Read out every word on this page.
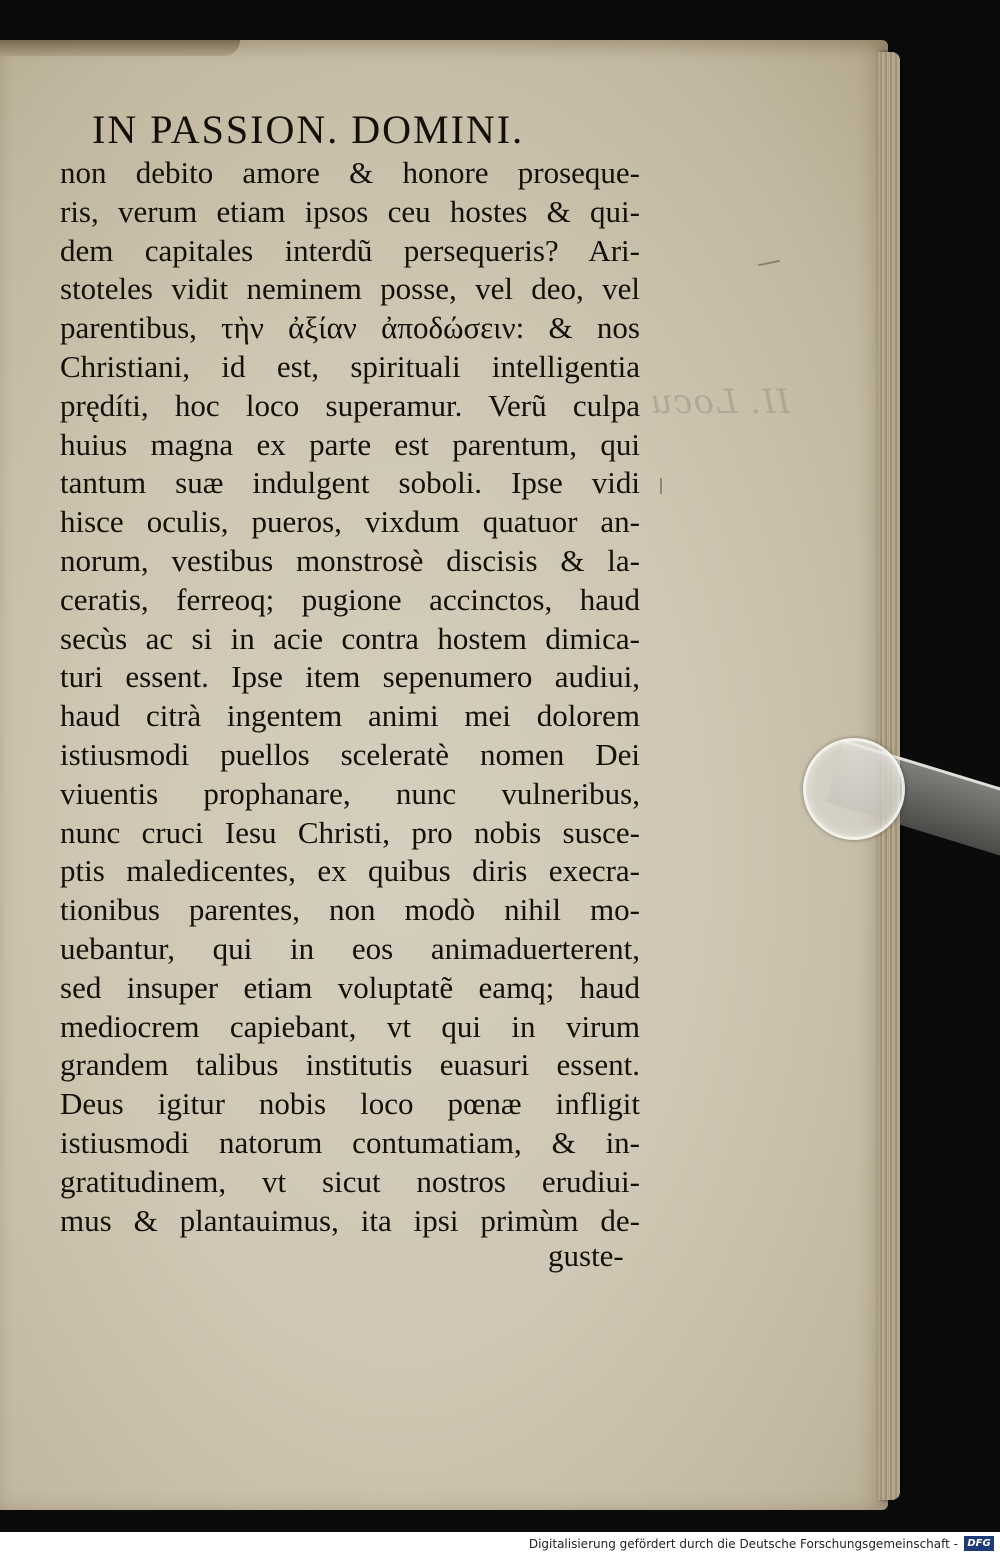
II. Locu
IN PASSION. DOMINI.
non debito amore & honore proseque-
ris, verum etiam ipsos ceu hostes & qui-
dem capitales interdũ persequeris? Ari-
stoteles vidit neminem posse, vel deo, vel
parentibus, τὴν ἀξίαν ἀποδώσειν: & nos
Christiani, id est, spirituali intelligentia
prędíti, hoc loco superamur. Verũ culpa
huius magna ex parte est parentum, qui
tantum suæ indulgent soboli. Ipse vidi
hisce oculis, pueros, vixdum quatuor an-
norum, vestibus monstrosè discisis & la-
ceratis, ferreoq; pugione accinctos, haud
secùs ac si in acie contra hostem dimica-
turi essent. Ipse item sepenumero audiui,
haud citrà ingentem animi mei dolorem
istiusmodi puellos sceleratè nomen Dei
viuentis prophanare, nunc vulneribus,
nunc cruci Iesu Christi, pro nobis susce-
ptis maledicentes, ex quibus diris execra-
tionibus parentes, non modò nihil mo-
uebantur, qui in eos animaduerterent,
sed insuper etiam voluptatẽ eamq; haud
mediocrem capiebant, vt qui in virum
grandem talibus institutis euasuri essent.
Deus igitur nobis loco pœnæ infligit
istiusmodi natorum contumatiam, & in-
gratitudinem, vt sicut nostros erudiui-
mus & plantauimus, ita ipsi primùm de-
guste-
Digitalisierung gefördert durch die Deutsche Forschungsgemeinschaft - DFG
